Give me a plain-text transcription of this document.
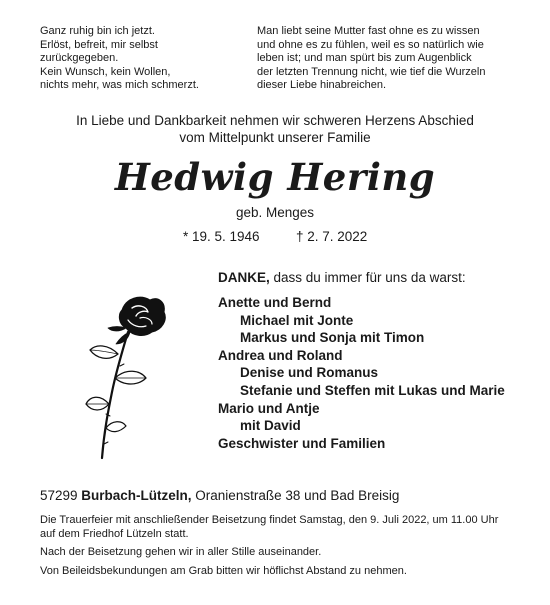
Ganz ruhig bin ich jetzt.
Erlöst, befreit, mir selbst
zurückgegeben.
Kein Wunsch, kein Wollen,
nichts mehr, was mich schmerzt.
Man liebt seine Mutter fast ohne es zu wissen
und ohne es zu fühlen, weil es so natürlich wie
leben ist; und man spürt bis zum Augenblick
der letzten Trennung nicht, wie tief die Wurzeln
dieser Liebe hinabreichen.
In Liebe und Dankbarkeit nehmen wir schweren Herzens Abschied
vom Mittelpunkt unserer Familie
Hedwig Hering
geb. Menges
* 19. 5. 1946	† 2. 7. 2022
DANKE, dass du immer für uns da warst:
Anette und Bernd
Michael mit Jonte
Markus und Sonja mit Timon
Andrea und Roland
Denise und Romanus
Stefanie und Steffen mit Lukas und Marie
Mario und Antje
mit David
Geschwister und Familien
57299 Burbach-Lützeln, Oranienstraße 38 und Bad Breisig
Die Trauerfeier mit anschließender Beisetzung findet Samstag, den 9. Juli 2022, um 11.00 Uhr
auf dem Friedhof Lützeln statt.
Nach der Beisetzung gehen wir in aller Stille auseinander.
Von Beileidsbekundungen am Grab bitten wir höflichst Abstand zu nehmen.
